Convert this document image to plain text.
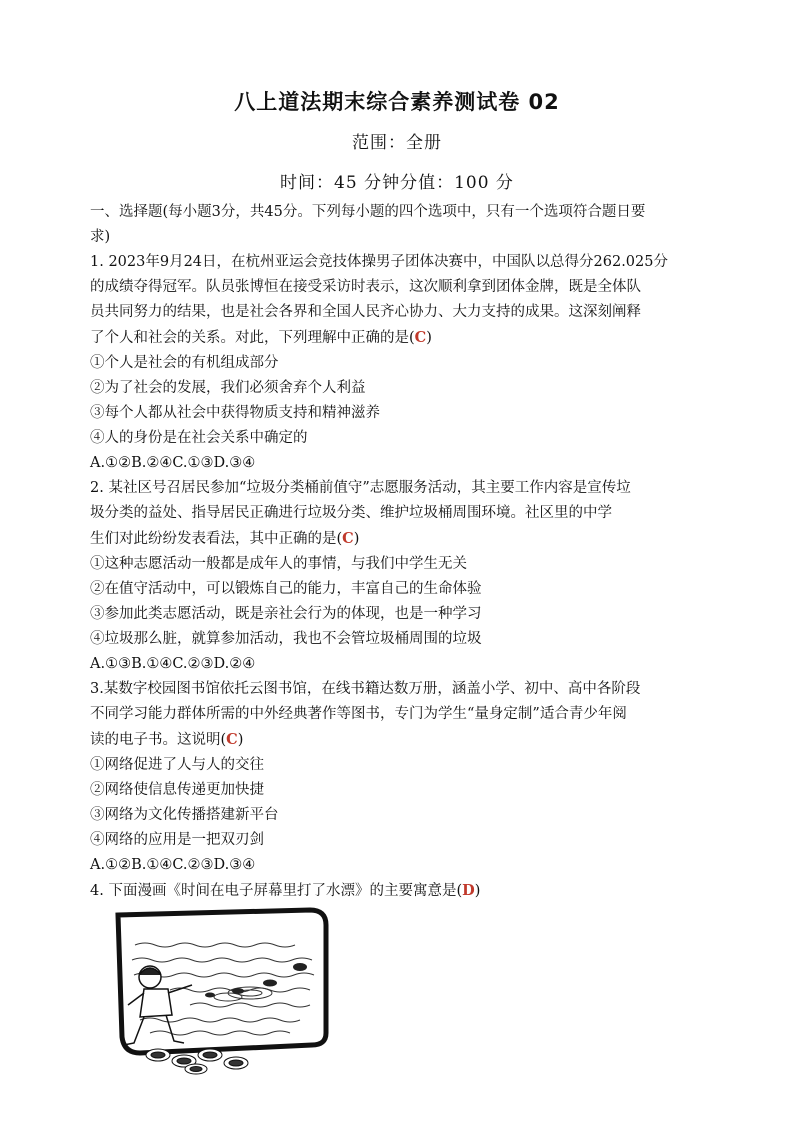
八上道法期末综合素养测试卷 02
范围：全册
时间：45 分钟分值：100 分

一、选择题(每小题3分，共45分。下列每小题的四个选项中，只有一个选项符合题日要

求)

1. 2023年9月24日，在杭州亚运会竞技体操男子团体决赛中，中国队以总得分262.025分

的成绩夺得冠军。队员张博恒在接受采访时表示，这次顺利拿到团体金牌，既是全体队

员共同努力的结果，也是社会各界和全国人民齐心协力、大力支持的成果。这深刻阐释

了个人和社会的关系。对此，下列理解中正确的是(C)

①个人是社会的有机组成部分

②为了社会的发展，我们必须舍弃个人利益

③每个人都从社会中获得物质支持和精神滋养

④人的身份是在社会关系中确定的

A.①②B.②④C.①③D.③④

2. 某社区号召居民参加“垃圾分类桶前值守”志愿服务活动，其主要工作内容是宣传垃

圾分类的益处、指导居民正确进行垃圾分类、维护垃圾桶周围环境。社区里的中学

生们对此纷纷发表看法，其中正确的是(C)

①这种志愿活动一般都是成年人的事情，与我们中学生无关

②在值守活动中，可以锻炼自己的能力，丰富自己的生命体验

③参加此类志愿活动，既是亲社会行为的体现，也是一种学习

④垃圾那么脏，就算参加活动，我也不会管垃圾桶周围的垃圾

A.①③B.①④C.②③D.②④

3.某数字校园图书馆依托云图书馆，在线书籍达数万册，涵盖小学、初中、高中各阶段

不同学习能力群体所需的中外经典著作等图书，专门为学生“量身定制”适合青少年阅

读的电子书。这说明(C)

①网络促进了人与人的交往

②网络使信息传递更加快捷

③网络为文化传播搭建新平台

④网络的应用是一把双刃剑

A.①②B.①④C.②③D.③④

4. 下面漫画《时间在电子屏幕里打了水漂》的主要寓意是(D)
